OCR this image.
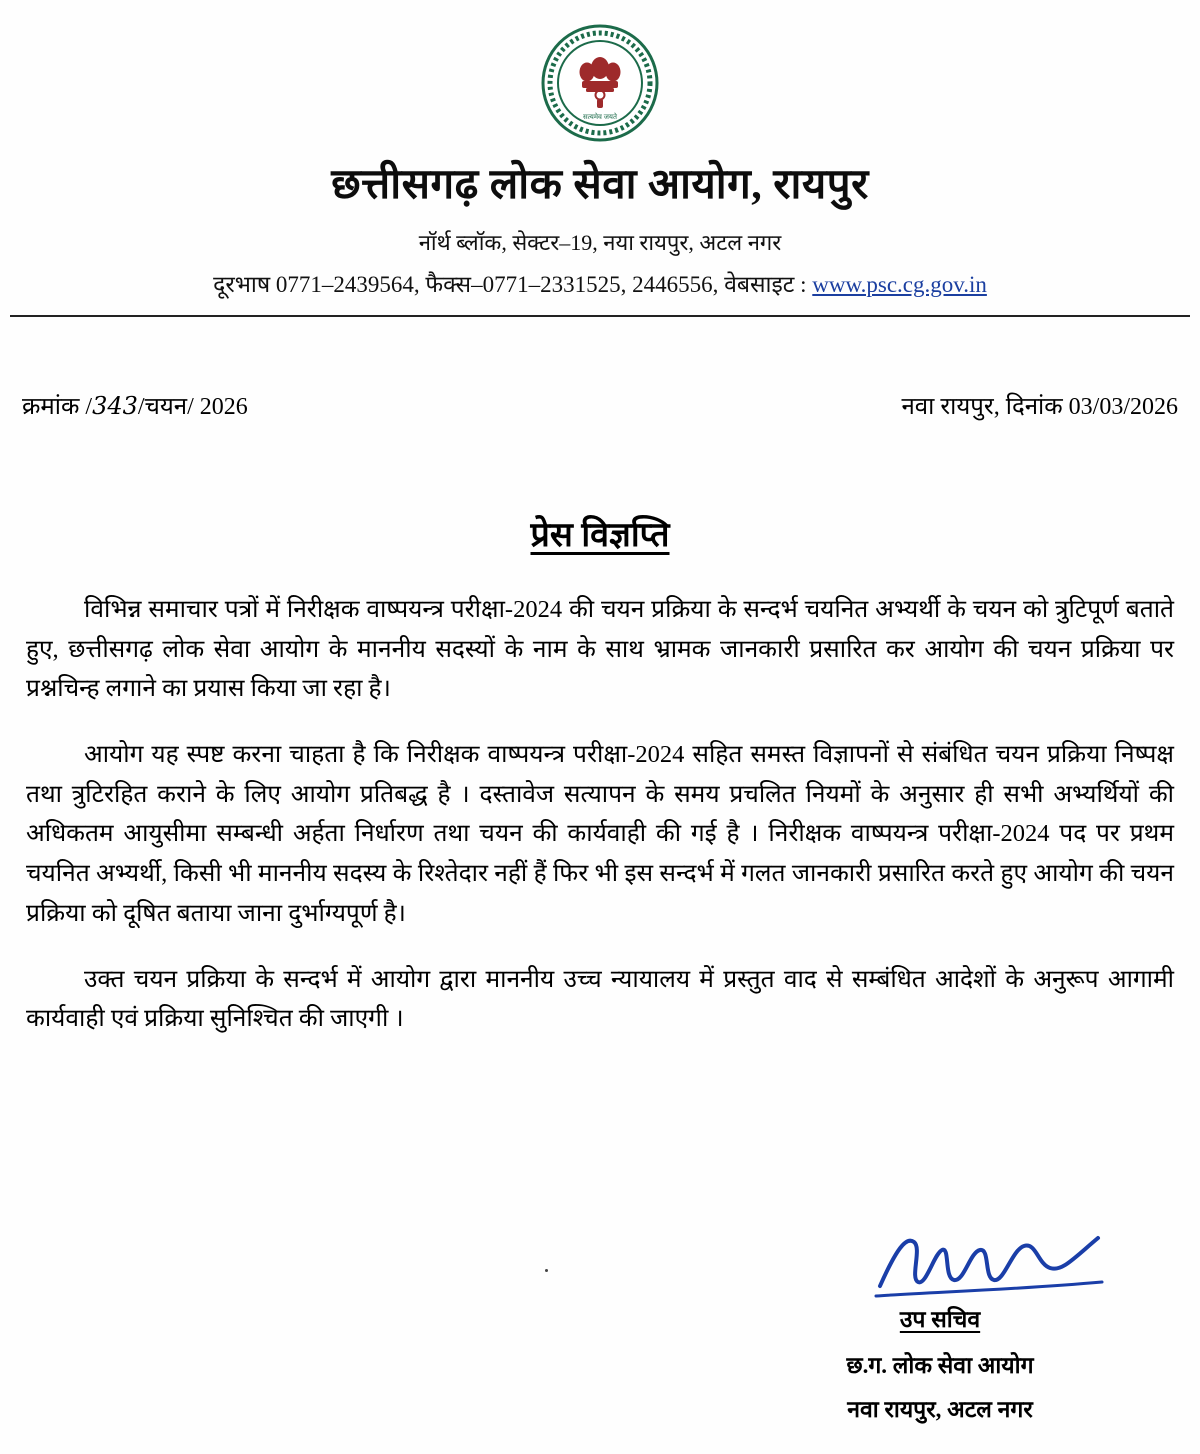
सत्यमेव जयते
छत्तीसगढ़ लोक सेवा आयोग, रायपुर
नॉर्थ ब्लॉक, सेक्टर–19, नया रायपुर, अटल नगर
दूरभाष 0771–2439564, फैक्स–0771–2331525, 2446556, वेबसाइट : www.psc.cg.gov.in
क्रमांक /343/चयन/ 2026	नवा रायपुर, दिनांक 03/03/2026
प्रेस विज्ञप्ति

विभिन्न समाचार पत्रों में निरीक्षक वाष्पयन्त्र परीक्षा-2024 की चयन प्रक्रिया के सन्दर्भ चयनित अभ्यर्थी के चयन को त्रुटिपूर्ण बताते हुए, छत्तीसगढ़ लोक सेवा आयोग के माननीय सदस्यों के नाम के साथ भ्रामक जानकारी प्रसारित कर आयोग की चयन प्रक्रिया पर प्रश्नचिन्ह लगाने का प्रयास किया जा रहा है।

आयोग यह स्पष्ट करना चाहता है कि निरीक्षक वाष्पयन्त्र परीक्षा-2024 सहित समस्त विज्ञापनों से संबंधित चयन प्रक्रिया निष्पक्ष तथा त्रुटिरहित कराने के लिए आयोग प्रतिबद्ध है । दस्तावेज सत्यापन के समय प्रचलित नियमों के अनुसार ही सभी अभ्यर्थियों की अधिकतम आयुसीमा सम्बन्धी अर्हता निर्धारण तथा चयन की कार्यवाही की गई है । निरीक्षक वाष्पयन्त्र परीक्षा-2024 पद पर प्रथम चयनित अभ्यर्थी, किसी भी माननीय सदस्य के रिश्तेदार नहीं हैं फिर भी इस सन्दर्भ में गलत जानकारी प्रसारित करते हुए आयोग की चयन प्रक्रिया को दूषित बताया जाना दुर्भाग्यपूर्ण है।

उक्त चयन प्रक्रिया के सन्दर्भ में आयोग द्वारा माननीय उच्च न्यायालय में प्रस्तुत वाद से सम्बंधित आदेशों के अनुरूप आगामी कार्यवाही एवं प्रक्रिया सुनिश्चित की जाएगी ।

उप सचिव
छ.ग. लोक सेवा आयोग
नवा रायपुर, अटल नगर
